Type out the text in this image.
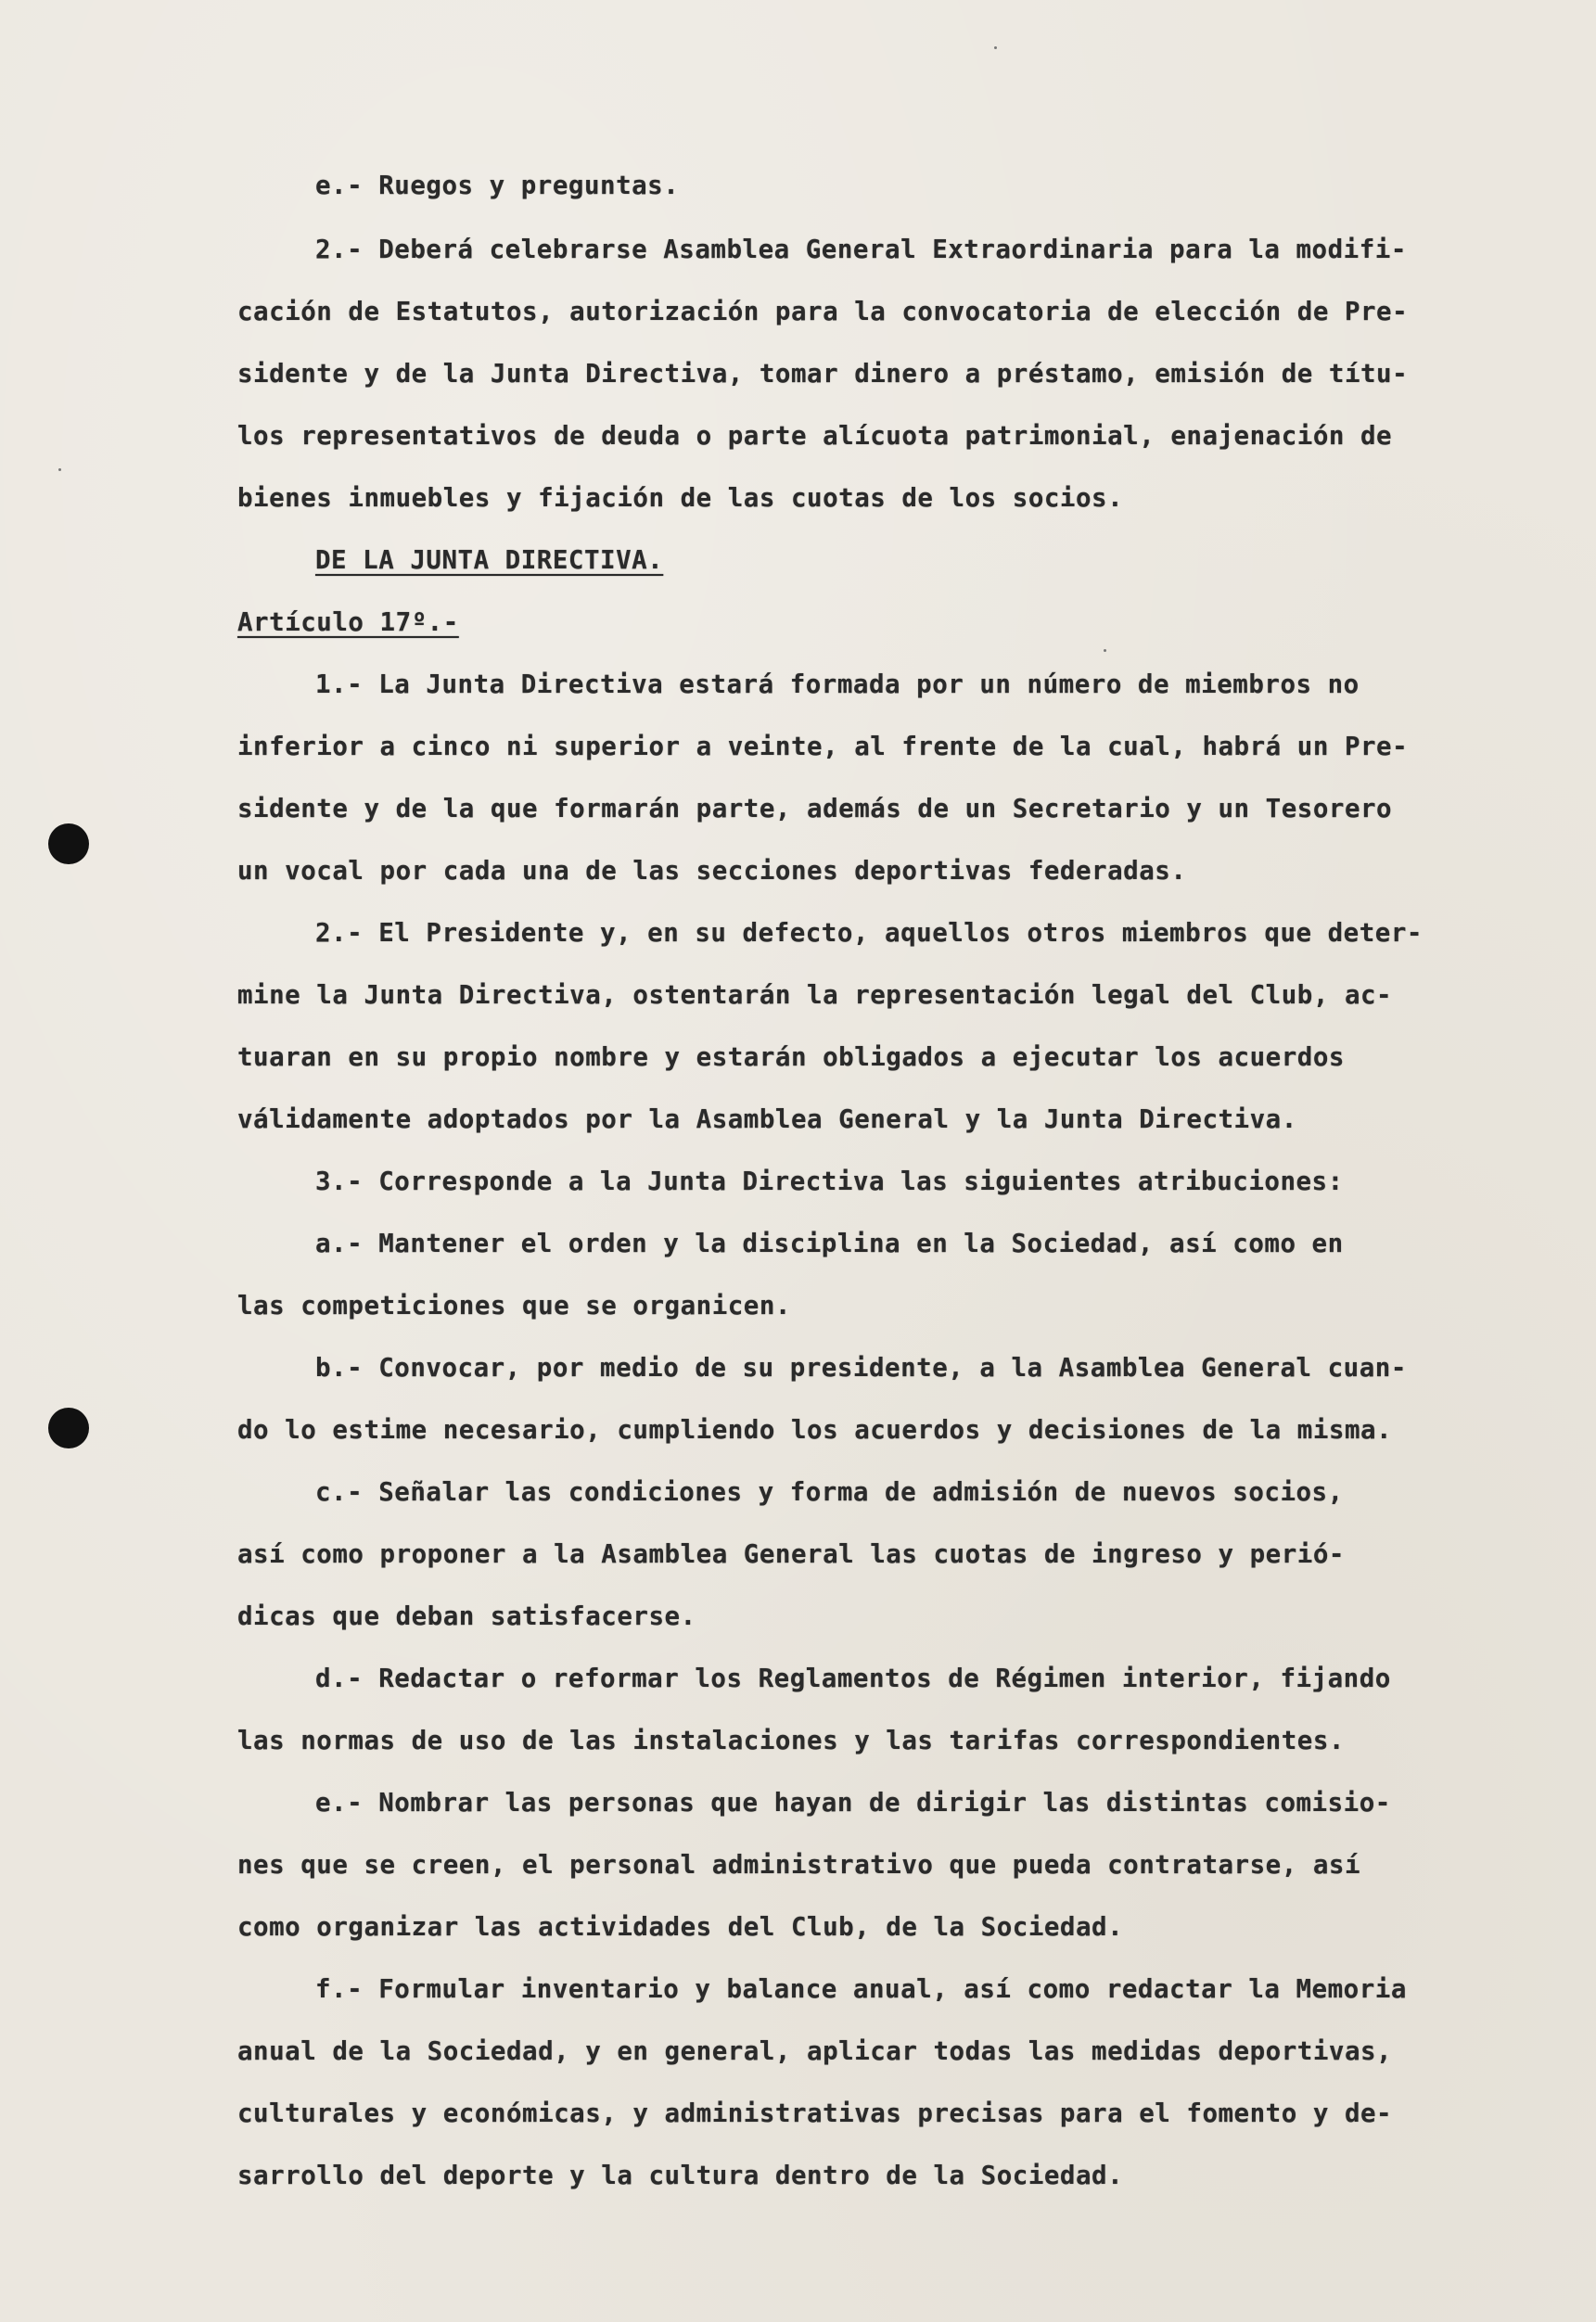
e.- Ruegos y preguntas.
2.- Deberá celebrarse Asamblea General Extraordinaria para la modifi-
cación de Estatutos, autorización para la convocatoria de elección de Pre-
sidente y de la Junta Directiva, tomar dinero a préstamo, emisión de títu-
los representativos de deuda o parte alícuota patrimonial, enajenación de
bienes inmuebles y fijación de las cuotas de los socios.
DE LA JUNTA DIRECTIVA.
Artículo 17º.-
1.- La Junta Directiva estará formada por un número de miembros no
inferior a cinco ni superior a veinte, al frente de la cual, habrá un Pre-
sidente y de la que formarán parte, además de un Secretario y un Tesorero
un vocal por cada una de las secciones deportivas federadas.
2.- El Presidente y, en su defecto, aquellos otros miembros que deter-
mine la Junta Directiva, ostentarán la representación legal del Club, ac-
tuaran en su propio nombre y estarán obligados a ejecutar los acuerdos
válidamente adoptados por la Asamblea General y la Junta Directiva.
3.- Corresponde a la Junta Directiva las siguientes atribuciones:
a.- Mantener el orden y la disciplina en la Sociedad, así como en
las competiciones que se organicen.
b.- Convocar, por medio de su presidente, a la Asamblea General cuan-
do lo estime necesario, cumpliendo los acuerdos y decisiones de la misma.
c.- Señalar las condiciones y forma de admisión de nuevos socios,
así como proponer a la Asamblea General las cuotas de ingreso y perió-
dicas que deban satisfacerse.
d.- Redactar o reformar los Reglamentos de Régimen interior, fijando
las normas de uso de las instalaciones y las tarifas correspondientes.
e.- Nombrar las personas que hayan de dirigir las distintas comisio-
nes que se creen, el personal administrativo que pueda contratarse, así
como organizar las actividades del Club, de la Sociedad.
f.- Formular inventario y balance anual, así como redactar la Memoria
anual de la Sociedad, y en general, aplicar todas las medidas deportivas,
culturales y económicas, y administrativas precisas para el fomento y de-
sarrollo del deporte y la cultura dentro de la Sociedad.
